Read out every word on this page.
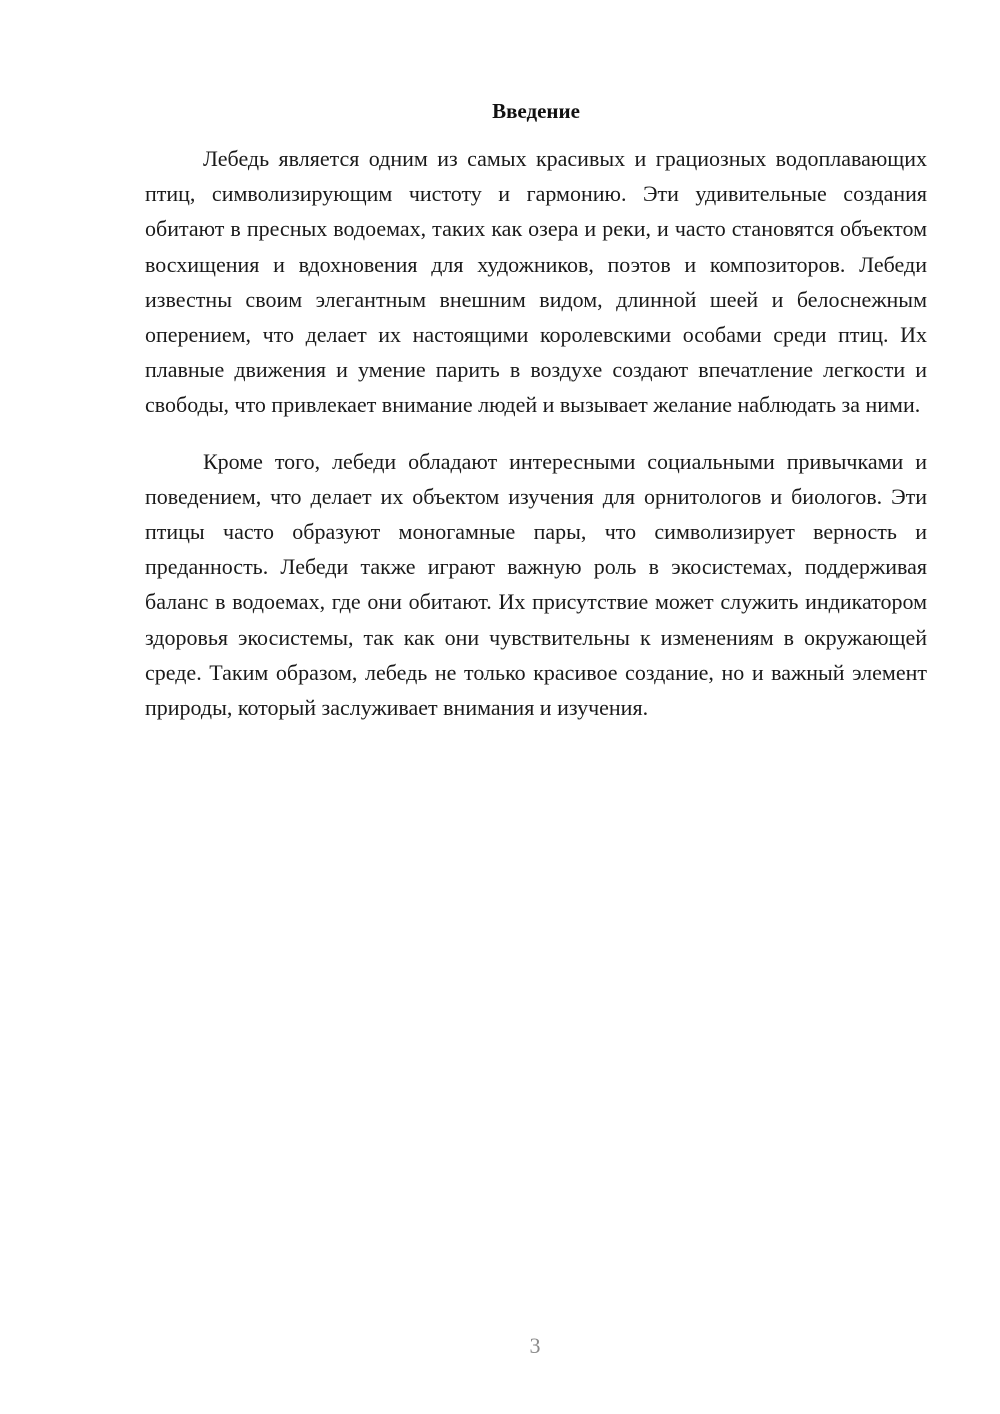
Введение

Лебедь является одним из самых красивых и грациозных водоплавающих птиц, символизирующим чистоту и гармонию. Эти удивительные создания обитают в пресных водоемах, таких как озера и реки, и часто становятся объектом восхищения и вдохновения для художников, поэтов и композиторов. Лебеди известны своим элегантным внешним видом, длинной шеей и белоснежным оперением, что делает их настоящими королевскими особами среди птиц. Их плавные движения и умение парить в воздухе создают впечатление легкости и свободы, что привлекает внимание людей и вызывает желание наблюдать за ними.

Кроме того, лебеди обладают интересными социальными привычками и поведением, что делает их объектом изучения для орнитологов и биологов. Эти птицы часто образуют моногамные пары, что символизирует верность и преданность. Лебеди также играют важную роль в экосистемах, поддерживая баланс в водоемах, где они обитают. Их присутствие может служить индикатором здоровья экосистемы, так как они чувствительны к изменениям в окружающей среде. Таким образом, лебедь не только красивое создание, но и важный элемент природы, который заслуживает внимания и изучения.

3
